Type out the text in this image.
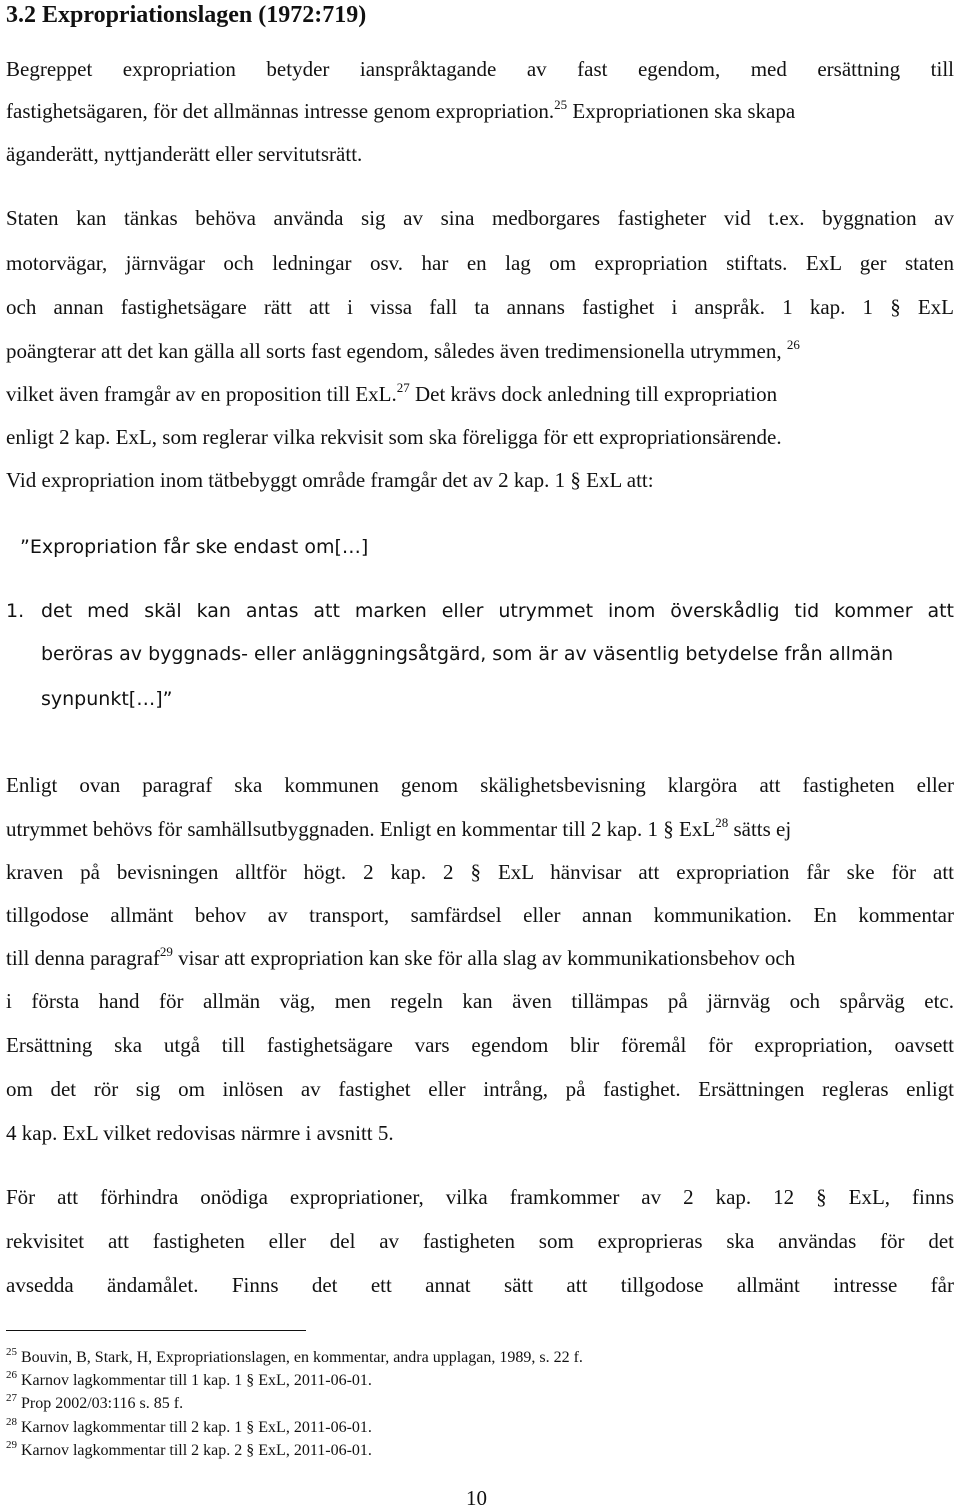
3.2 Expropriationslagen (1972:719)
Begreppet expropriation betyder ianspråktagande av fast egendom, med ersättning till
fastighetsägaren, för det allmännas intresse genom expropriation.$^{25}$ Expropriationen ska skapa
äganderätt, nyttjanderätt eller servitutsrätt.
Staten kan tänkas behöva använda sig av sina medborgares fastigheter vid t.ex. byggnation av
motorvägar, järnvägar och ledningar osv. har en lag om expropriation stiftats. ExL ger staten
och annan fastighetsägare rätt att i vissa fall ta annans fastighet i anspråk. 1 kap. 1 § ExL
poängterar att det kan gälla all sorts fast egendom, således även tredimensionella utrymmen, $^{26}$
vilket även framgår av en proposition till ExL.$^{27}$ Det krävs dock anledning till expropriation
enligt 2 kap. ExL, som reglerar vilka rekvisit som ska föreligga för ett expropriationsärende.
Vid expropriation inom tätbebyggt område framgår det av 2 kap. 1 § ExL att:
”Expropriation får ske endast om[…]
1. det med skäl kan antas att marken eller utrymmet inom överskådlig tid kommer att
beröras av byggnads- eller anläggningsåtgärd, som är av väsentlig betydelse från allmän
synpunkt[…]”
Enligt ovan paragraf ska kommunen genom skälighetsbevisning klargöra att fastigheten eller
utrymmet behövs för samhällsutbyggnaden. Enligt en kommentar till 2 kap. 1 § ExL$^{28}$ sätts ej
kraven på bevisningen alltför högt. 2 kap. 2 § ExL hänvisar att expropriation får ske för att
tillgodose allmänt behov av transport, samfärdsel eller annan kommunikation. En kommentar
till denna paragraf$^{29}$ visar att expropriation kan ske för alla slag av kommunikationsbehov och
i första hand för allmän väg, men regeln kan även tillämpas på järnväg och spårväg etc.
Ersättning ska utgå till fastighetsägare vars egendom blir föremål för expropriation, oavsett
om det rör sig om inlösen av fastighet eller intrång, på fastighet. Ersättningen regleras enligt
4 kap. ExL vilket redovisas närmre i avsnitt 5.
För att förhindra onödiga expropriationer, vilka framkommer av 2 kap. 12 § ExL, finns
rekvisitet att fastigheten eller del av fastigheten som exproprieras ska användas för det
avsedda ändamålet. Finns det ett annat sätt att tillgodose allmänt intresse får
$^{25}$ Bouvin, B, Stark, H, Expropriationslagen, en kommentar, andra upplagan, 1989, s. 22 f.
$^{26}$ Karnov lagkommentar till 1 kap. 1 § ExL, 2011-06-01.
$^{27}$ Prop 2002/03:116 s. 85 f.
$^{28}$ Karnov lagkommentar till 2 kap. 1 § ExL, 2011-06-01.
$^{29}$ Karnov lagkommentar till 2 kap. 2 § ExL, 2011-06-01.
10
